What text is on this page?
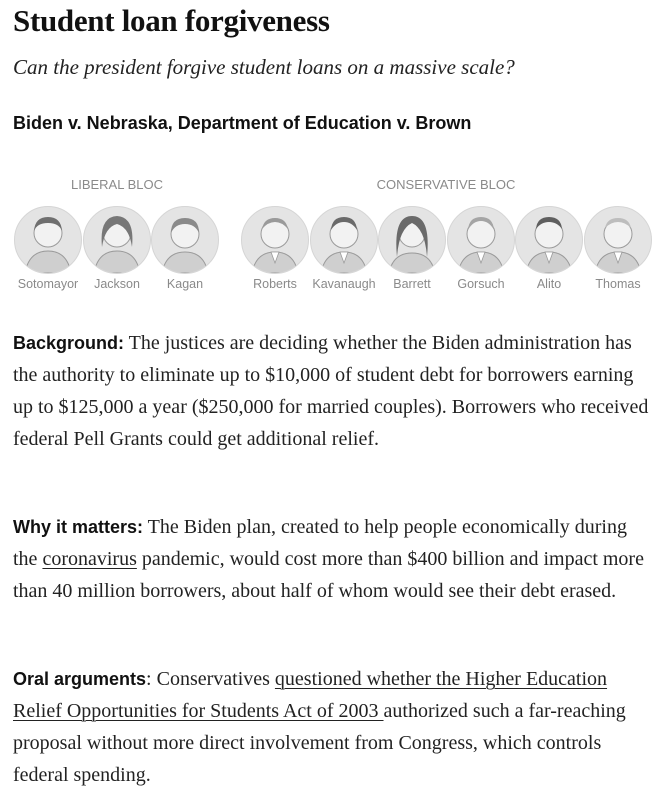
Student loan forgiveness
Can the president forgive student loans on a massive scale?
Biden v. Nebraska, Department of Education v. Brown
LIBERAL BLOC	CONSERVATIVE BLOC
Sotomayor	Jackson	Kagan	Roberts	Kavanaugh	Barrett	Gorsuch	Alito	Thomas

Background: The justices are deciding whether the Biden administration has the authority to eliminate up to $10,000 of student debt for borrowers earning up to $125,000 a year ($250,000 for married couples). Borrowers who received federal Pell Grants could get additional relief.

Why it matters: The Biden plan, created to help people economically during the coronavirus pandemic, would cost more than $400 billion and impact more than 40 million borrowers, about half of whom would see their debt erased.

Oral arguments: Conservatives questioned whether the Higher Education Relief Opportunities for Students Act of 2003 authorized such a far-reaching proposal without more direct involvement from Congress, which controls federal spending.
